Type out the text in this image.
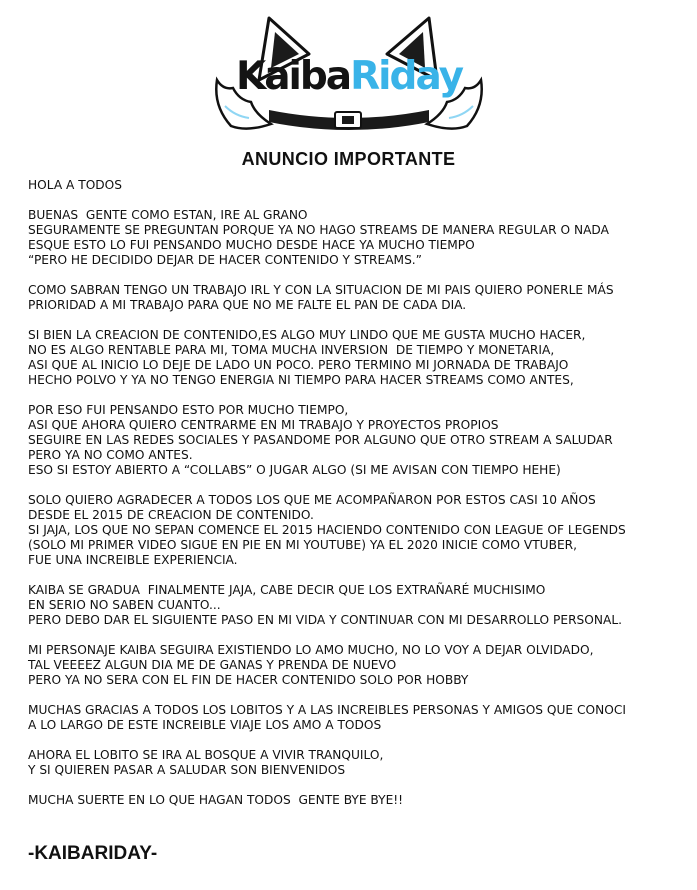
KaibaRiday
ANUNCIO IMPORTANTE
HOLA A TODOS
BUENAS  GENTE COMO ESTAN, IRE AL GRANO
SEGURAMENTE SE PREGUNTAN PORQUE YA NO HAGO STREAMS DE MANERA REGULAR O NADA
ESQUE ESTO LO FUI PENSANDO MUCHO DESDE HACE YA MUCHO TIEMPO
“PERO HE DECIDIDO DEJAR DE HACER CONTENIDO Y STREAMS.”
COMO SABRAN TENGO UN TRABAJO IRL Y CON LA SITUACION DE MI PAIS QUIERO PONERLE MÁS
PRIORIDAD A MI TRABAJO PARA QUE NO ME FALTE EL PAN DE CADA DIA.
SI BIEN LA CREACION DE CONTENIDO,ES ALGO MUY LINDO QUE ME GUSTA MUCHO HACER,
NO ES ALGO RENTABLE PARA MI, TOMA MUCHA INVERSION  DE TIEMPO Y MONETARIA,
ASI QUE AL INICIO LO DEJE DE LADO UN POCO. PERO TERMINO MI JORNADA DE TRABAJO
HECHO POLVO Y YA NO TENGO ENERGIA NI TIEMPO PARA HACER STREAMS COMO ANTES,
POR ESO FUI PENSANDO ESTO POR MUCHO TIEMPO,
ASI QUE AHORA QUIERO CENTRARME EN MI TRABAJO Y PROYECTOS PROPIOS
SEGUIRE EN LAS REDES SOCIALES Y PASANDOME POR ALGUNO QUE OTRO STREAM A SALUDAR
PERO YA NO COMO ANTES.
ESO SI ESTOY ABIERTO A “COLLABS” O JUGAR ALGO (SI ME AVISAN CON TIEMPO HEHE)
SOLO QUIERO AGRADECER A TODOS LOS QUE ME ACOMPAÑARON POR ESTOS CASI 10 AÑOS
DESDE EL 2015 DE CREACION DE CONTENIDO.
SI JAJA, LOS QUE NO SEPAN COMENCE EL 2015 HACIENDO CONTENIDO CON LEAGUE OF LEGENDS
(SOLO MI PRIMER VIDEO SIGUE EN PIE EN MI YOUTUBE) YA EL 2020 INICIE COMO VTUBER,
FUE UNA INCREIBLE EXPERIENCIA.
KAIBA SE GRADUA  FINALMENTE JAJA, CABE DECIR QUE LOS EXTRAÑARÉ MUCHISIMO
EN SERIO NO SABEN CUANTO...
PERO DEBO DAR EL SIGUIENTE PASO EN MI VIDA Y CONTINUAR CON MI DESARROLLO PERSONAL.
MI PERSONAJE KAIBA SEGUIRA EXISTIENDO LO AMO MUCHO, NO LO VOY A DEJAR OLVIDADO,
TAL VEEEEZ ALGUN DIA ME DE GANAS Y PRENDA DE NUEVO
PERO YA NO SERA CON EL FIN DE HACER CONTENIDO SOLO POR HOBBY
MUCHAS GRACIAS A TODOS LOS LOBITOS Y A LAS INCREIBLES PERSONAS Y AMIGOS QUE CONOCI
A LO LARGO DE ESTE INCREIBLE VIAJE LOS AMO A TODOS
AHORA EL LOBITO SE IRA AL BOSQUE A VIVIR TRANQUILO,
Y SI QUIEREN PASAR A SALUDAR SON BIENVENIDOS
MUCHA SUERTE EN LO QUE HAGAN TODOS  GENTE BYE BYE!!
-KAIBARIDAY-
